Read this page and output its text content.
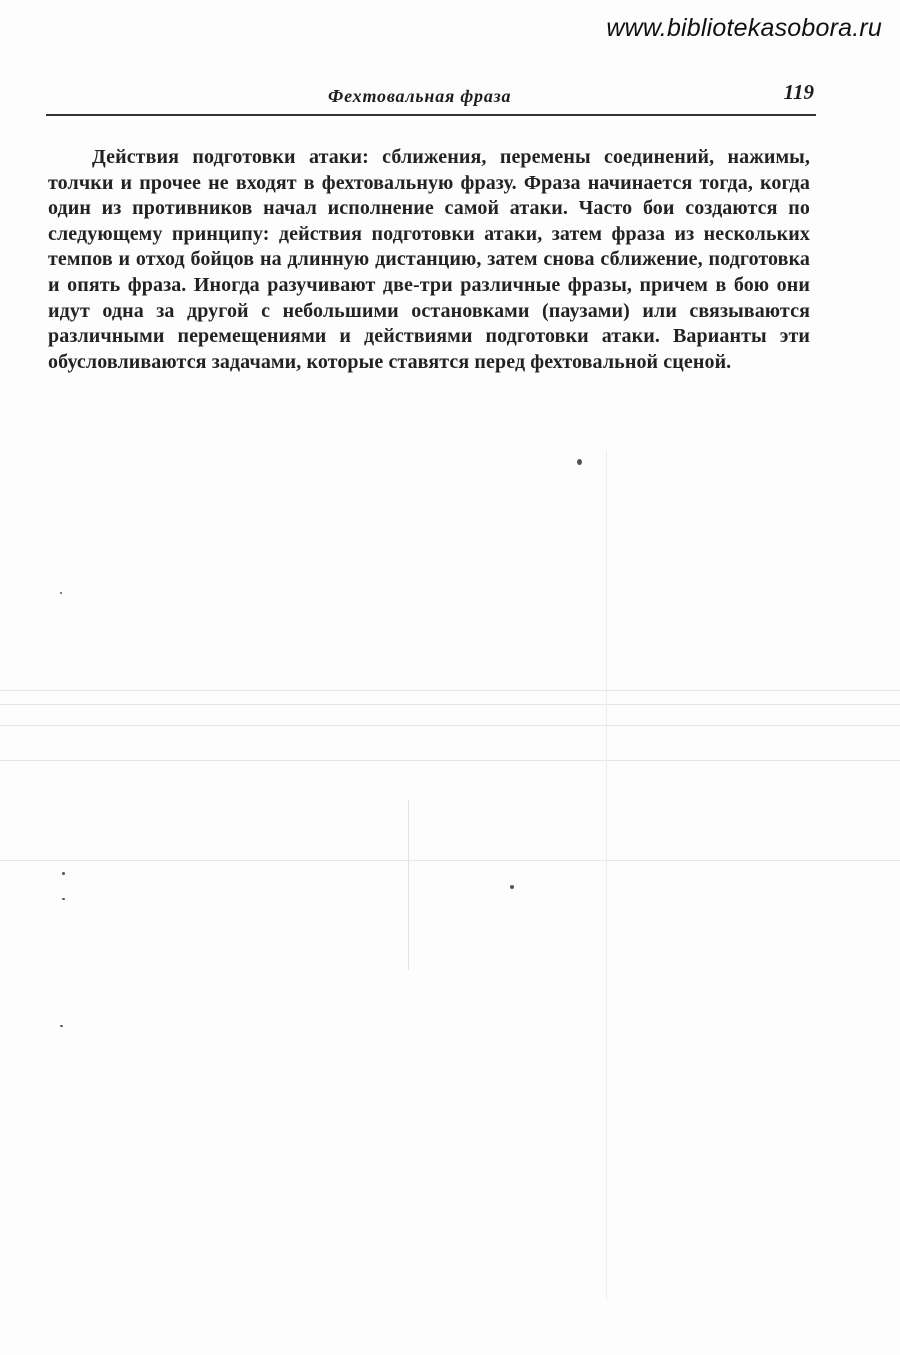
www.bibliotekasobora.ru
Фехтовальная фраза	119

Действия подготовки атаки: сближения, перемены соединений, нажимы, толчки и прочее не входят в фехтовальную фразу. Фраза начинается тогда, когда один из противников начал исполнение самой атаки. Часто бои создаются по следующему принципу: действия подготовки атаки, затем фраза из нескольких темпов и отход бойцов на длинную дистанцию, затем снова сближение, подготовка и опять фраза. Иногда разучивают две-три различные фразы, причем в бою они идут одна за другой с небольшими остановками (паузами) или связываются различными перемещениями и действиями подготовки атаки. Варианты эти обусловливаются задачами, которые ставятся перед фехтовальной сценой.
